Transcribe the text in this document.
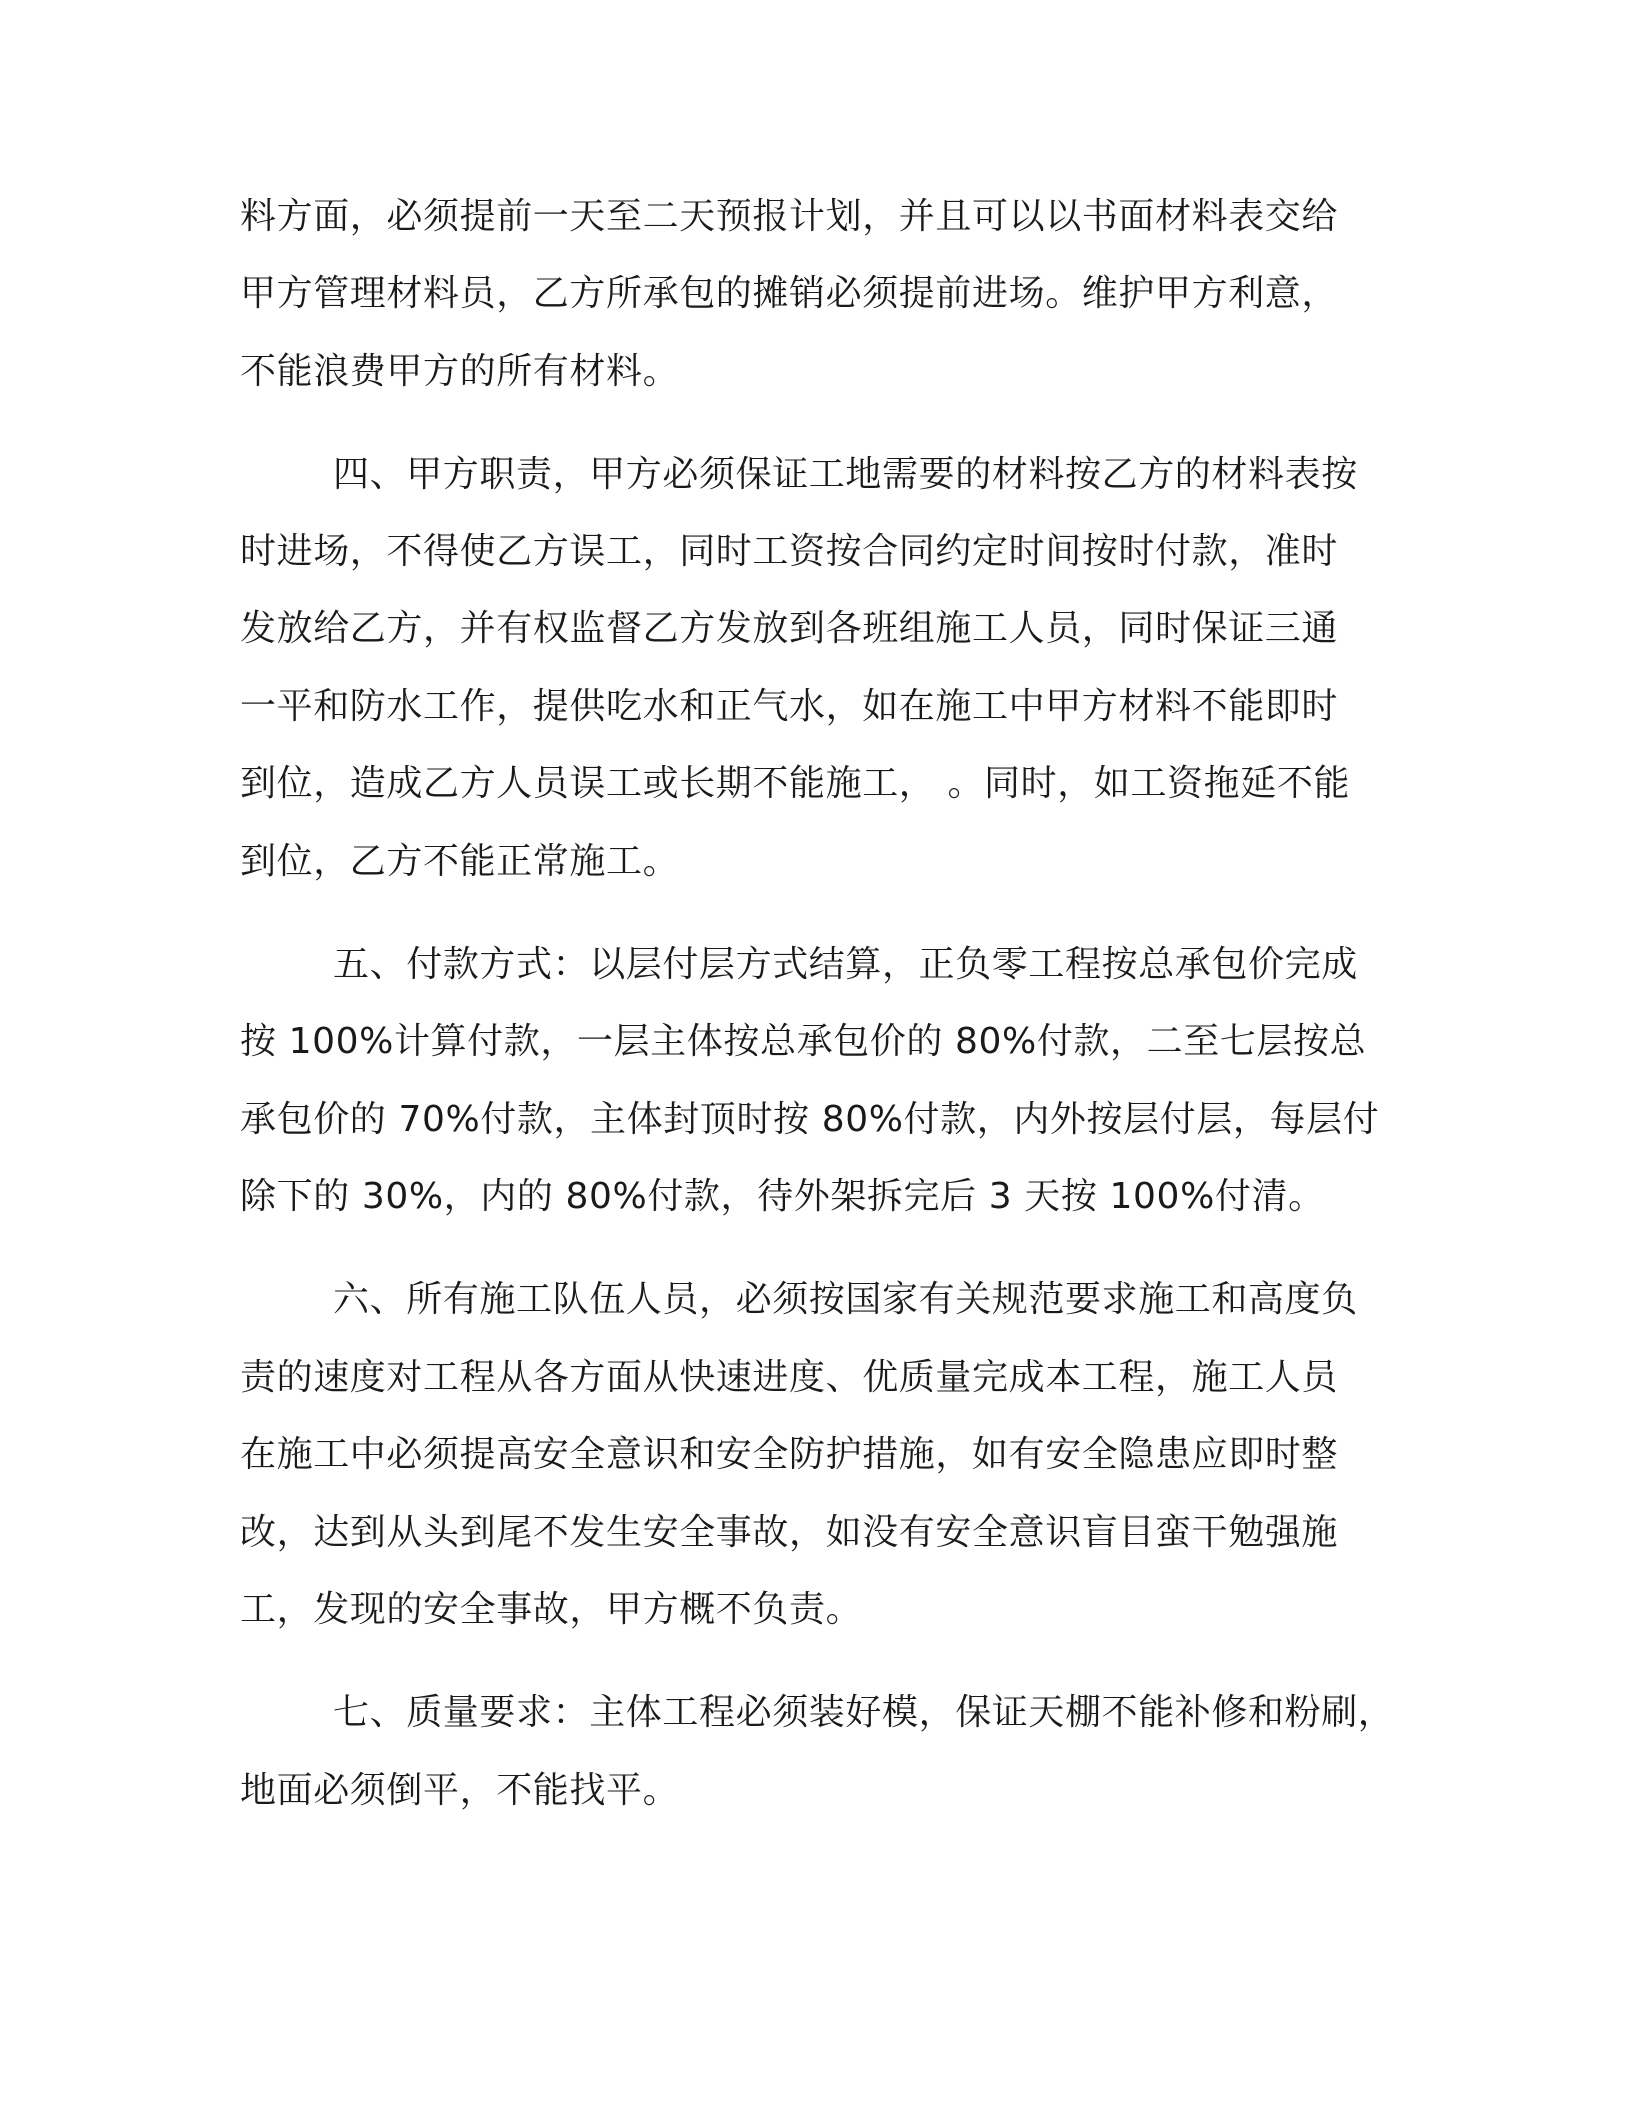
料方面，必须提前一天至二天预报计划，并且可以以书面材料表交给
甲方管理材料员，乙方所承包的摊销必须提前进场。维护甲方利意，
不能浪费甲方的所有材料。
四、甲方职责，甲方必须保证工地需要的材料按乙方的材料表按
时进场，不得使乙方误工，同时工资按合同约定时间按时付款，准时
发放给乙方，并有权监督乙方发放到各班组施工人员，同时保证三通
一平和防水工作，提供吃水和正气水，如在施工中甲方材料不能即时
到位，造成乙方人员误工或长期不能施工， 。同时，如工资拖延不能
到位，乙方不能正常施工。
五、付款方式：以层付层方式结算，正负零工程按总承包价完成
按 100%计算付款，一层主体按总承包价的 80%付款，二至七层按总
承包价的 70%付款，主体封顶时按 80%付款，内外按层付层，每层付
除下的 30%，内的 80%付款，待外架拆完后 3 天按 100%付清。
六、所有施工队伍人员，必须按国家有关规范要求施工和高度负
责的速度对工程从各方面从快速进度、优质量完成本工程，施工人员
在施工中必须提高安全意识和安全防护措施，如有安全隐患应即时整
改，达到从头到尾不发生安全事故，如没有安全意识盲目蛮干勉强施
工，发现的安全事故，甲方概不负责。
七、质量要求：主体工程必须装好模，保证天棚不能补修和粉刷，
地面必须倒平，不能找平。
